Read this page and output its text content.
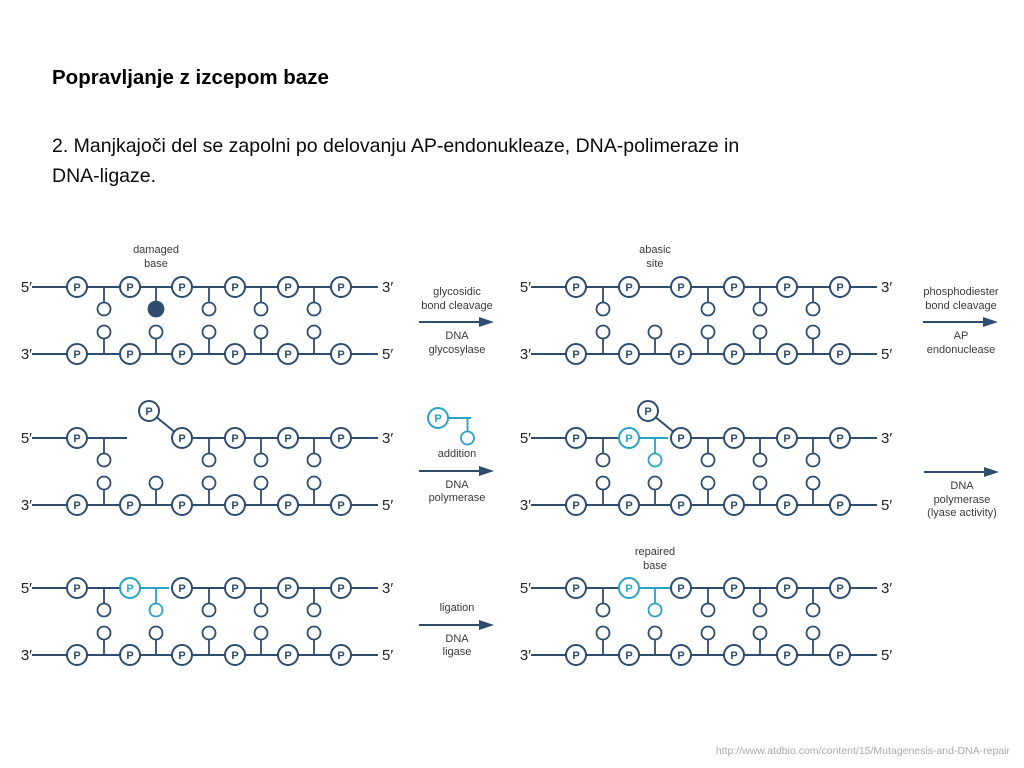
Popravljanje z izcepom baze
2. Manjkajoči del se zapolni po delovanju AP-endonukleaze, DNA-polimeraze in
DNA-ligaze.
damaged
base
abasic
site
repaired
base
P	P	P	P	P	P
5′	3′
P	P	P	P	P	P
3′	5′
P	P	P	P	P	P
5′	3′
P	P	P	P	P	P
3′	5′
P	P	P	P	P
P
5′	3′
P	P	P	P	P	P
3′	5′
P	P	P	P	P	P
P
5′	3′
P	P	P	P	P	P
3′	5′
P	P	P	P	P	P
5′	3′
P	P	P	P	P	P
3′	5′
P	P	P	P	P	P
5′	3′
P	P	P	P	P	P
3′	5′
P
glycosidic
bond cleavage
DNA
glycosylase
phosphodiester
bond cleavage
AP
endonuclease
addition
DNA
polymerase
DNA
polymerase
(lyase activity)
ligation
DNA
ligase
http://www.atdbio.com/content/15/Mutagenesis-and-DNA-repair
